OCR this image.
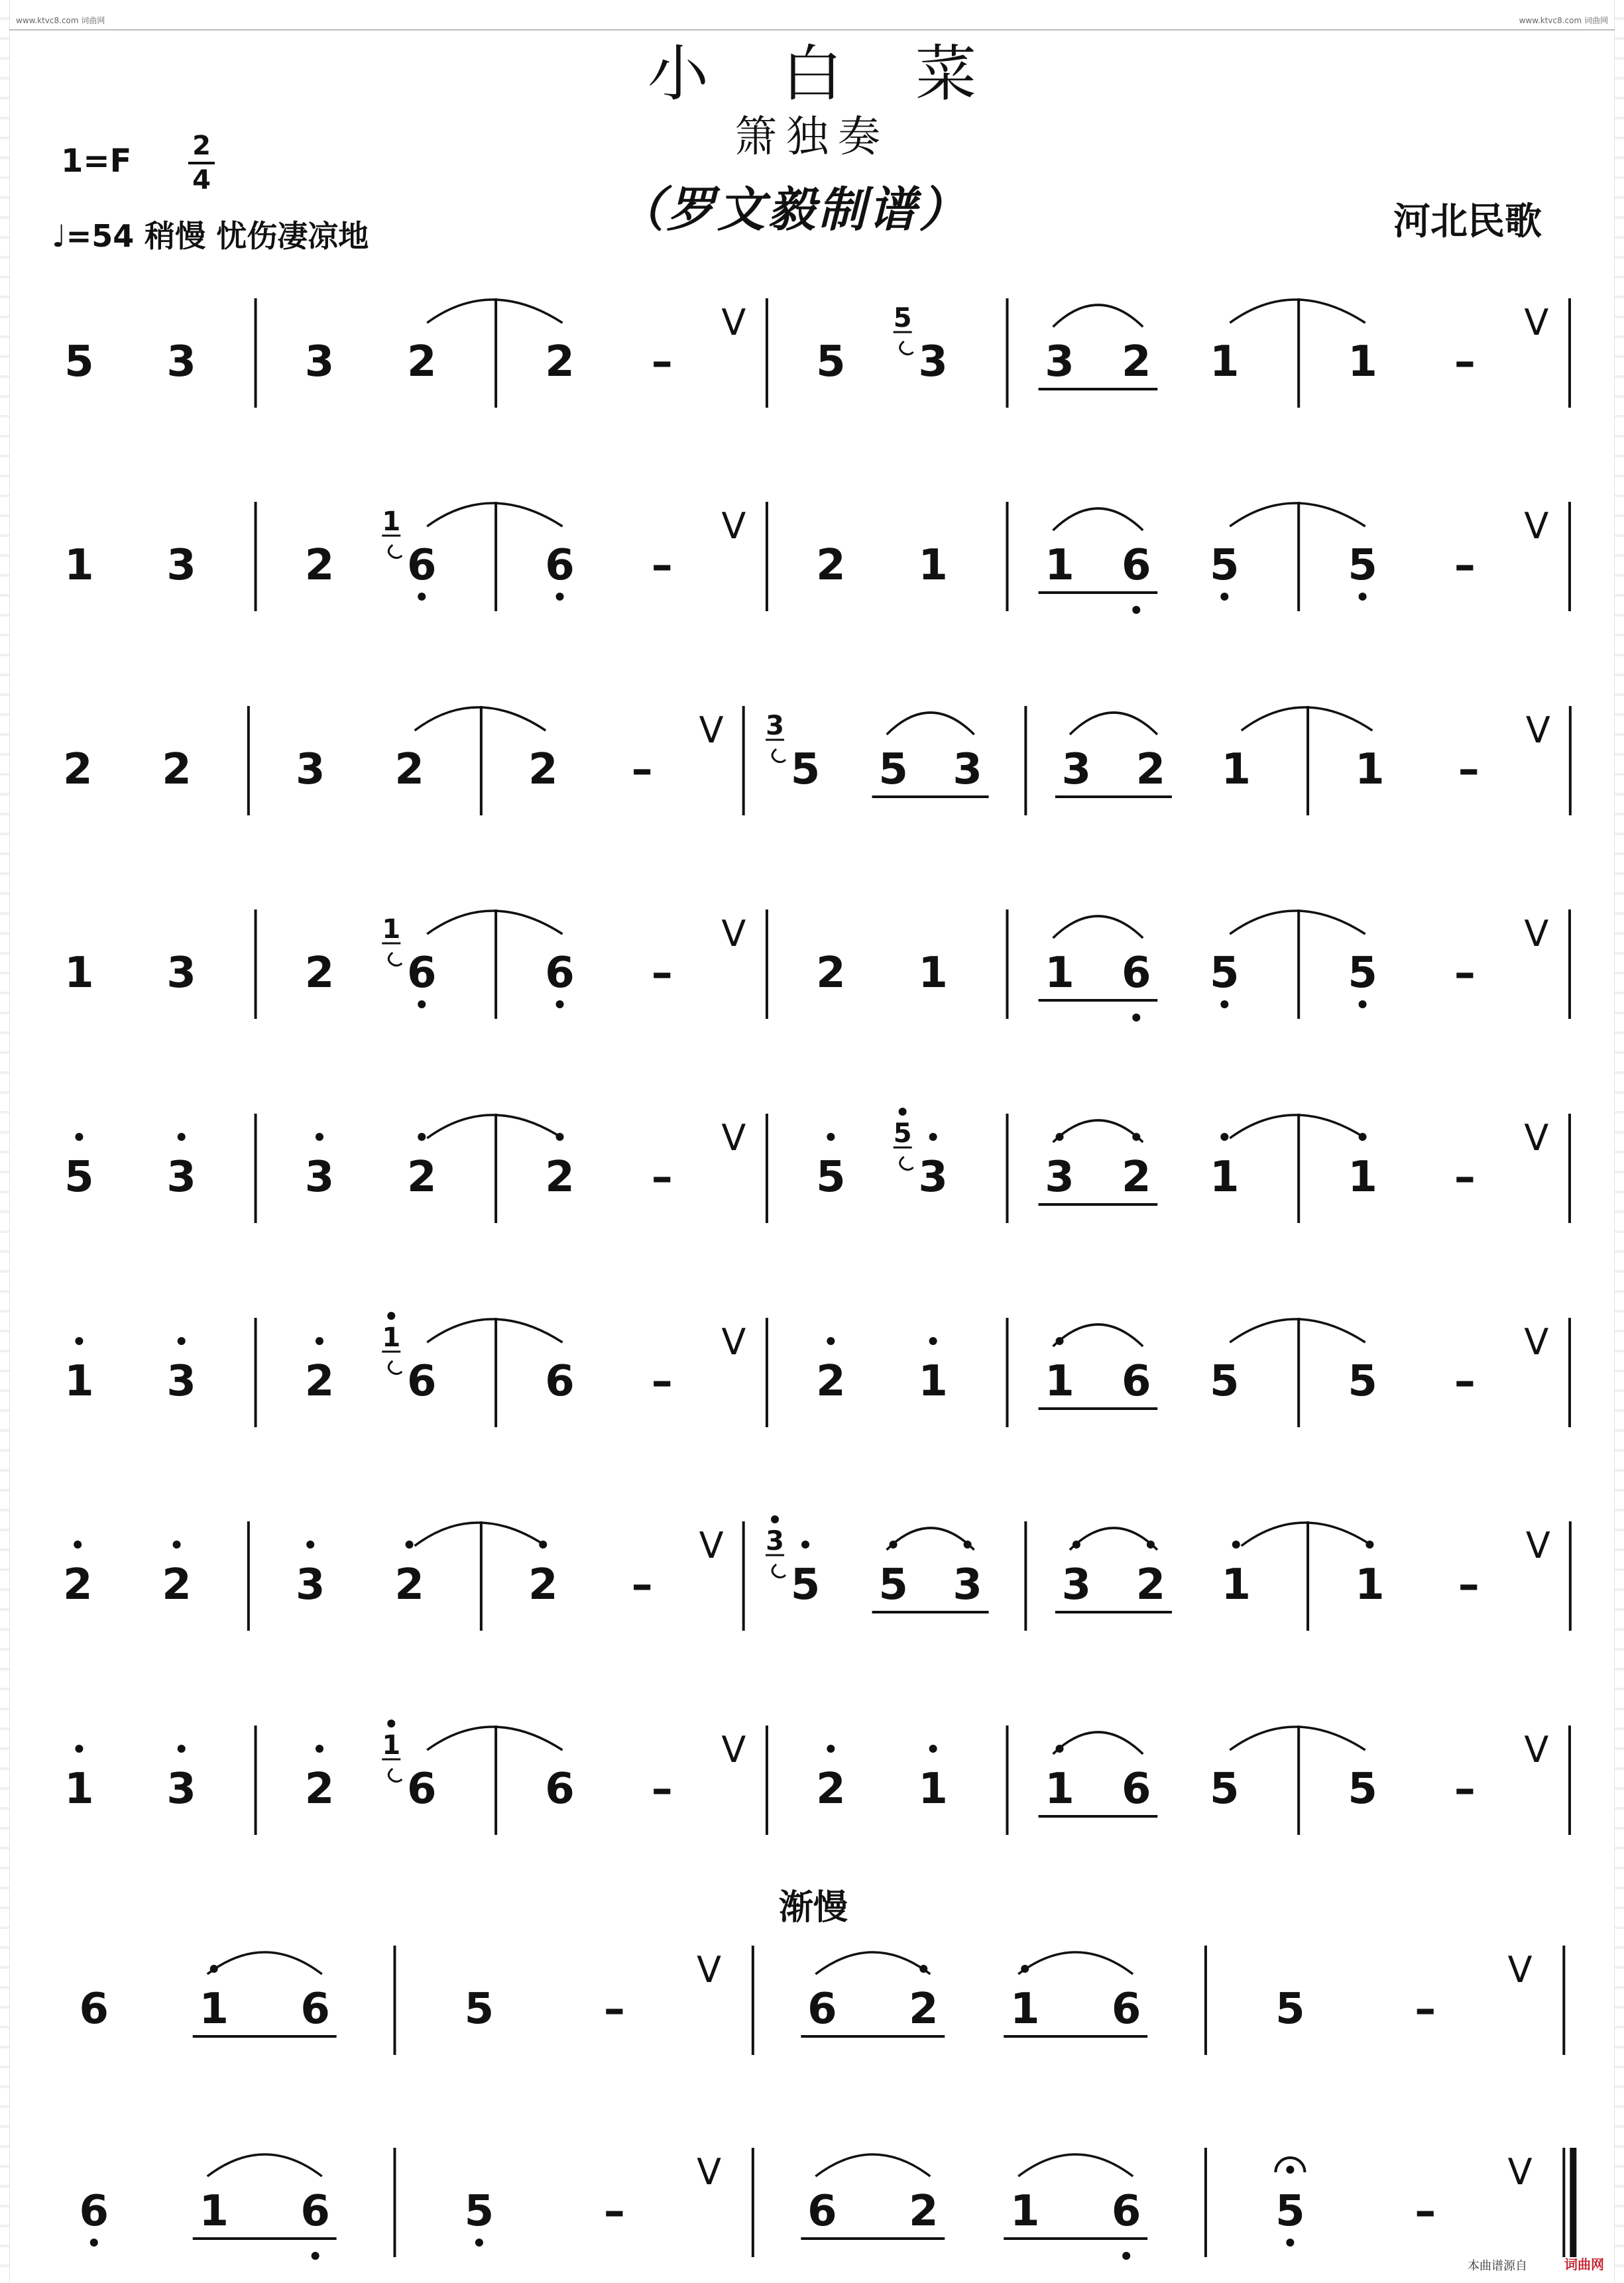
www.ktvc8.com 词曲网	www.ktvc8.com 词曲网
小白菜
箫独奏
（罗文毅制谱）
1=F 2
4
♩=54 稍慢 忧伤凄凉地	河北民歌
渐慢
5 3	3 2	2 –
V
5 3
5
3 2 1	1 –
V
1 3	2 6
1
6 –
V
2 1 1 6 5	5 –
V
2 2 3 2 2 –
V
5
3
5 3 3 2 1 1 –
V
1 3	2 6
1
6 –
V
2 1 1 6 5	5 –
V
5 3	3 2	2 –
V
5 3
5
3 2 1	1 –
V
1 3	2 6
1
6 –
V
2 1 1 6 5	5 –
V
2 2 3 2 2 –
V
5
3
5 3 3 2 1 1 –
V
1 3	2 6
1
6 –
V
2 1 1 6 5	5 –
V
6 1 6	5	–
V
6 2 1 6	5	–
V
6 1 6	5	–
V
6 2 1 6	5	–
V
本曲谱源自	词曲网
